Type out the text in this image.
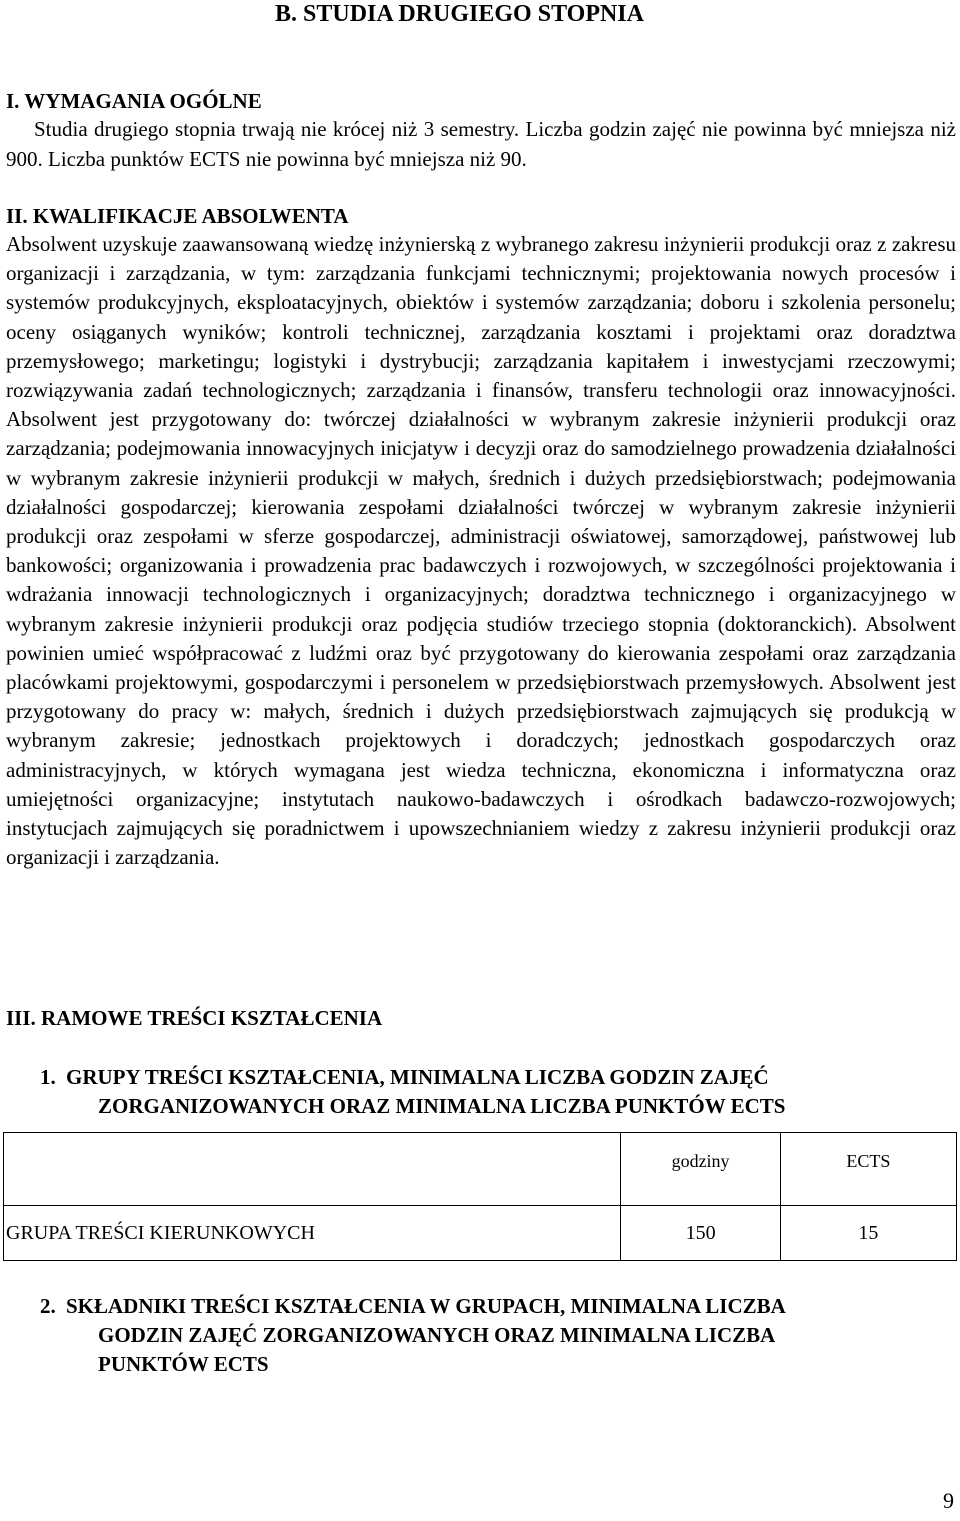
B. STUDIA DRUGIEGO STOPNIA
I. WYMAGANIA OGÓLNE

Studia drugiego stopnia trwają nie krócej niż 3 semestry. Liczba godzin zajęć nie powinna być mniejsza niż 900. Liczba punktów ECTS nie powinna być mniejsza niż 90.

II. KWALIFIKACJE ABSOLWENTA

Absolwent uzyskuje zaawansowaną wiedzę inżynierską z wybranego zakresu inżynierii produkcji oraz z zakresu organizacji i zarządzania, w tym: zarządzania funkcjami technicznymi; projektowania nowych procesów i systemów produkcyjnych, eksploatacyjnych, obiektów i systemów zarządzania; doboru i szkolenia personelu; oceny osiąganych wyników; kontroli technicznej, zarządzania kosztami i projektami oraz doradztwa przemysłowego; marketingu; logistyki i dystrybucji; zarządzania kapitałem i inwestycjami rzeczowymi; rozwiązywania zadań technologicznych; zarządzania i finansów, transferu technologii oraz innowacyjności. Absolwent jest przygotowany do: twórczej działalności w wybranym zakresie inżynierii produkcji oraz zarządzania; podejmowania innowacyjnych inicjatyw i decyzji oraz do samodzielnego prowadzenia działalności w wybranym zakresie inżynierii produkcji w małych, średnich i dużych przedsiębiorstwach; podejmowania działalności gospodarczej; kierowania zespołami działalności twórczej w wybranym zakresie inżynierii produkcji oraz zespołami w sferze gospodarczej, administracji oświatowej, samorządowej, państwowej lub bankowości; organizowania i prowadzenia prac badawczych i rozwojowych, w szczególności projektowania i wdrażania innowacji technologicznych i organizacyjnych; doradztwa technicznego i organizacyjnego w wybranym zakresie inżynierii produkcji oraz podjęcia studiów trzeciego stopnia (doktoranckich). Absolwent powinien umieć współpracować z ludźmi oraz być przygotowany do kierowania zespołami oraz zarządzania placówkami projektowymi, gospodarczymi i personelem w przedsiębiorstwach przemysłowych. Absolwent jest przygotowany do pracy w: małych, średnich i dużych przedsiębiorstwach zajmujących się produkcją w wybranym zakresie; jednostkach projektowych i doradczych; jednostkach gospodarczych oraz administracyjnych, w których wymagana jest wiedza techniczna, ekonomiczna i informatyczna oraz umiejętności organizacyjne; instytutach naukowo-badawczych i ośrodkach badawczo-rozwojowych; instytucjach zajmujących się poradnictwem i upowszechnianiem wiedzy z zakresu inżynierii produkcji oraz organizacji i zarządzania.

III. RAMOWE TREŚCI KSZTAŁCENIA
1. GRUPY TREŚCI KSZTAŁCENIA, MINIMALNA LICZBA GODZIN ZAJĘĆ
ZORGANIZOWANYCH ORAZ MINIMALNA LICZBA PUNKTÓW ECTS
	godziny	ECTS
GRUPA TREŚCI KIERUNKOWYCH	150	15
2. SKŁADNIKI TREŚCI KSZTAŁCENIA W GRUPACH, MINIMALNA LICZBA
GODZIN ZAJĘĆ ZORGANIZOWANYCH ORAZ MINIMALNA LICZBA
PUNKTÓW ECTS
9
